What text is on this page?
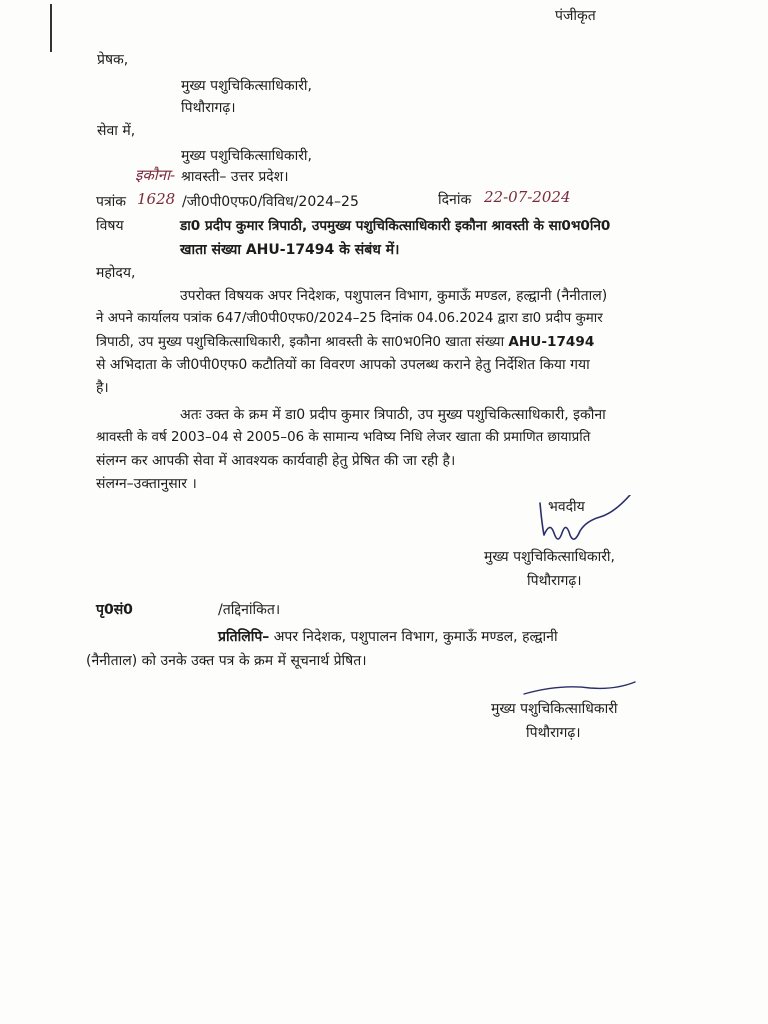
पंजीकृत
प्रेषक,
मुख्य पशुचिकित्साधिकारी,
पिथौरागढ़।
सेवा में,
मुख्य पशुचिकित्साधिकारी,
इकौना- श्रावस्ती– उत्तर प्रदेश।
पत्रांक 1628 /जी0पी0एफ0/विविध/2024–25	दिनांक 22-07-2024
विषय	डा0 प्रदीप कुमार त्रिपाठी, उपमुख्य पशुचिकित्साधिकारी इकौना श्रावस्ती के सा0भ0नि0
खाता संख्या AHU-17494 के संबंध में।
महोदय,
उपरोक्त विषयक अपर निदेशक, पशुपालन विभाग, कुमाऊँ मण्डल, हल्द्वानी (नैनीताल)
ने अपने कार्यालय पत्रांक 647/जी0पी0एफ0/2024–25 दिनांक 04.06.2024 द्वारा डा0 प्रदीप कुमार
त्रिपाठी, उप मुख्य पशुचिकित्साधिकारी, इकौना श्रावस्ती के सा0भ0नि0 खाता संख्या AHU-17494
से अभिदाता के जी0पी0एफ0 कटौतियों का विवरण आपको उपलब्ध कराने हेतु निर्देशित किया गया
है।
अतः उक्त के क्रम में डा0 प्रदीप कुमार त्रिपाठी, उप मुख्य पशुचिकित्साधिकारी, इकौना
श्रावस्ती के वर्ष 2003–04 से 2005–06 के सामान्य भविष्य निधि लेजर खाता की प्रमाणित छायाप्रति
संलग्न कर आपकी सेवा में आवश्यक कार्यवाही हेतु प्रेषित की जा रही है।
संलग्न–उक्तानुसार ।
भवदीय
मुख्य पशुचिकित्साधिकारी,
पिथौरागढ़।
पृ0सं0	/तद्दिनांकित।
प्रतिलिपि– अपर निदेशक, पशुपालन विभाग, कुमाऊँ मण्डल, हल्द्वानी
(नैनीताल) को उनके उक्त पत्र के क्रम में सूचनार्थ प्रेषित।
मुख्य पशुचिकित्साधिकारी
पिथौरागढ़।
